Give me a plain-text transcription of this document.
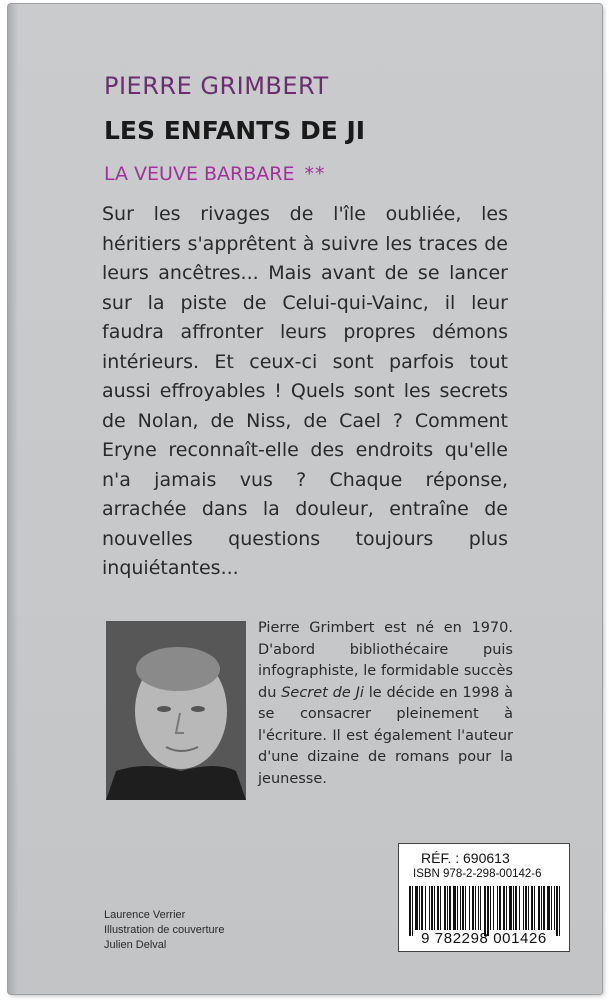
PIERRE GRIMBERT
LES ENFANTS DE JI
LA VEUVE BARBARE **
Sur les rivages de l'île oubliée, les héritiers s'apprêtent à suivre les traces de leurs ancêtres... Mais avant de se lancer sur la piste de Celui-qui-Vainc, il leur faudra affronter leurs propres démons intérieurs. Et ceux-ci sont parfois tout aussi effroyables ! Quels sont les secrets de Nolan, de Niss, de Cael ? Comment Eryne reconnaît-elle des endroits qu'elle n'a jamais vus ? Chaque réponse, arrachée dans la douleur, entraîne de nouvelles questions toujours plus inquiétantes...
Pierre Grimbert est né en 1970. D'abord bibliothécaire puis infographiste, le formidable succès du Secret de Ji le décide en 1998 à se consacrer pleinement à l'écriture. Il est également l'auteur d'une dizaine de romans pour la jeunesse.
Laurence Verrier
Illustration de couverture
Julien Delval
RÉF. : 690613
ISBN 978-2-298-00142-6
9 782298 001426
